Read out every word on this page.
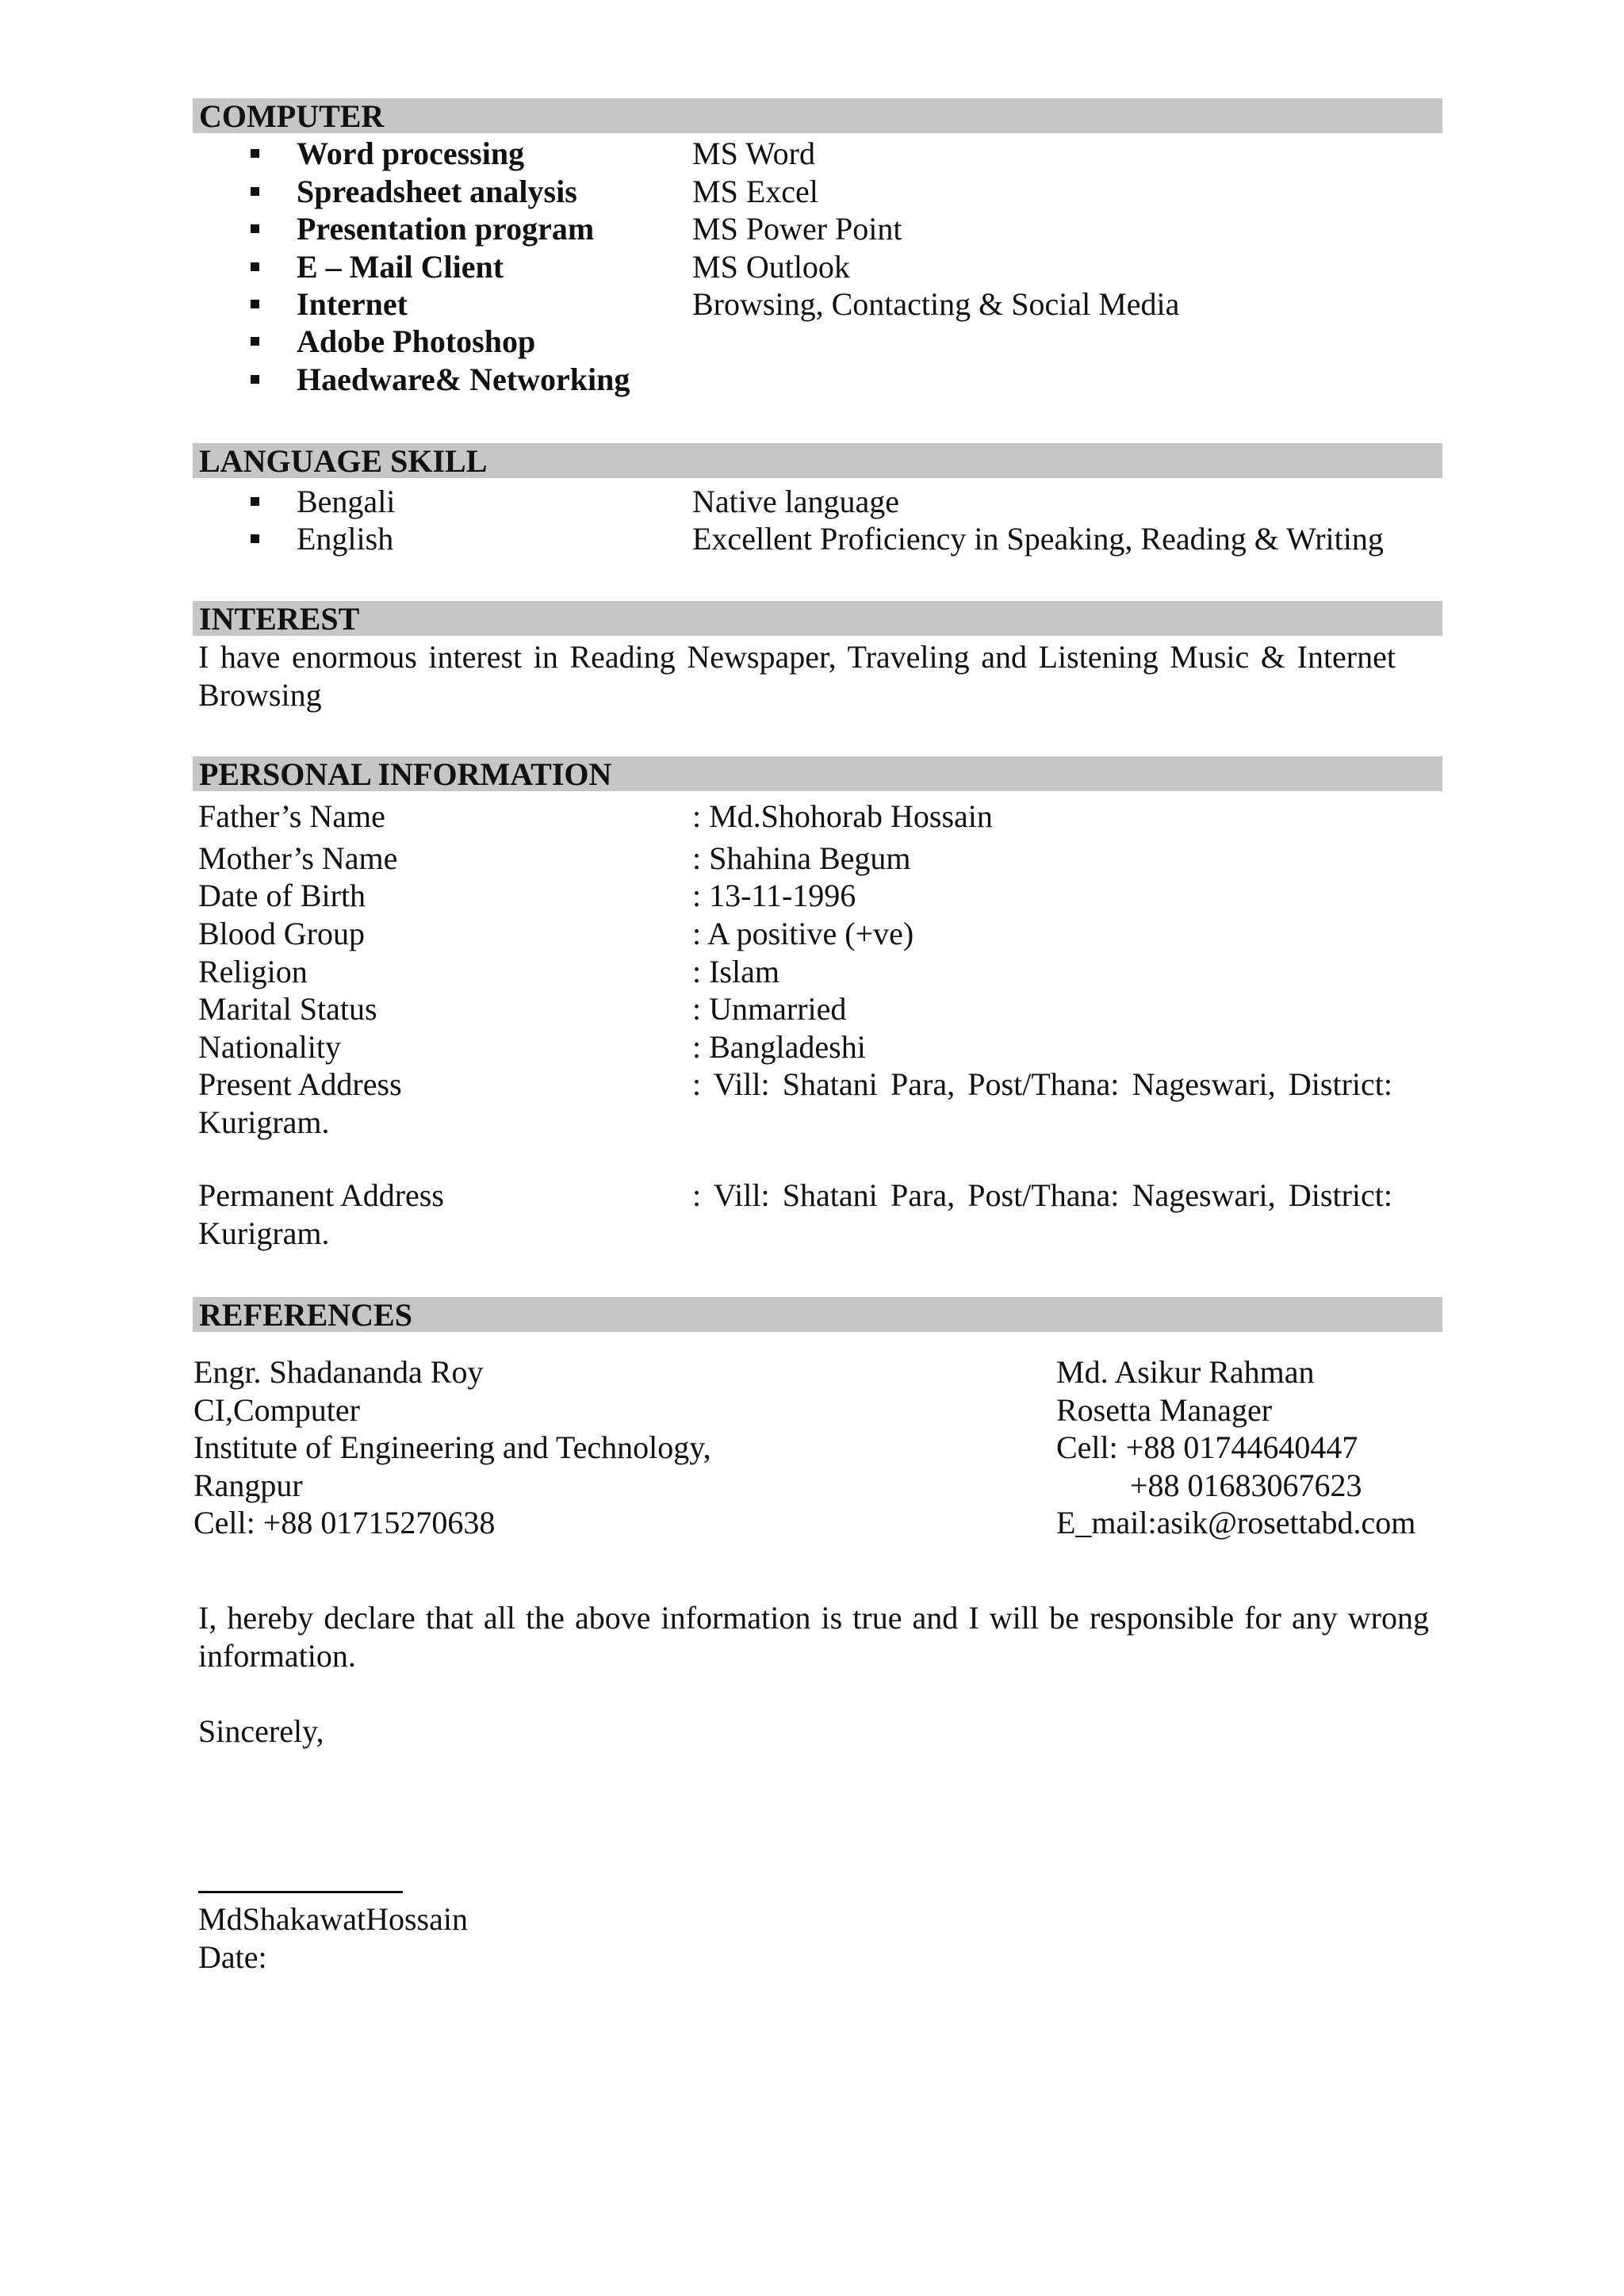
COMPUTER
Word processing	MS Word
Spreadsheet analysis	MS Excel
Presentation program	MS Power Point
E – Mail Client	MS Outlook
Internet	Browsing, Contacting & Social Media
Adobe Photoshop
Haedware& Networking
LANGUAGE SKILL
Bengali	Native language
English	Excellent Proficiency in Speaking, Reading & Writing
INTEREST
I have enormous interest in Reading Newspaper, Traveling and Listening Music & Internet
Browsing
PERSONAL INFORMATION
Father’s Name	: Md.Shohorab Hossain
Mother’s Name	: Shahina Begum
Date of Birth	: 13-11-1996
Blood Group	: A positive (+ve)
Religion	: Islam
Marital Status	: Unmarried
Nationality	: Bangladeshi
Present Address	: Vill: Shatani Para, Post/Thana: Nageswari, District:
Kurigram.
Permanent Address	: Vill: Shatani Para, Post/Thana: Nageswari, District:
Kurigram.
REFERENCES
Engr. Shadananda Roy
CI,Computer
Institute of Engineering and Technology,
Rangpur
Cell: +88 01715270638
Md. Asikur Rahman
Rosetta Manager
Cell: +88 01744640447
+88 01683067623
E_mail:asik@rosettabd.com
I, hereby declare that all the above information is true and I will be responsible for any wrong
information.
Sincerely,
MdShakawatHossain
Date:
